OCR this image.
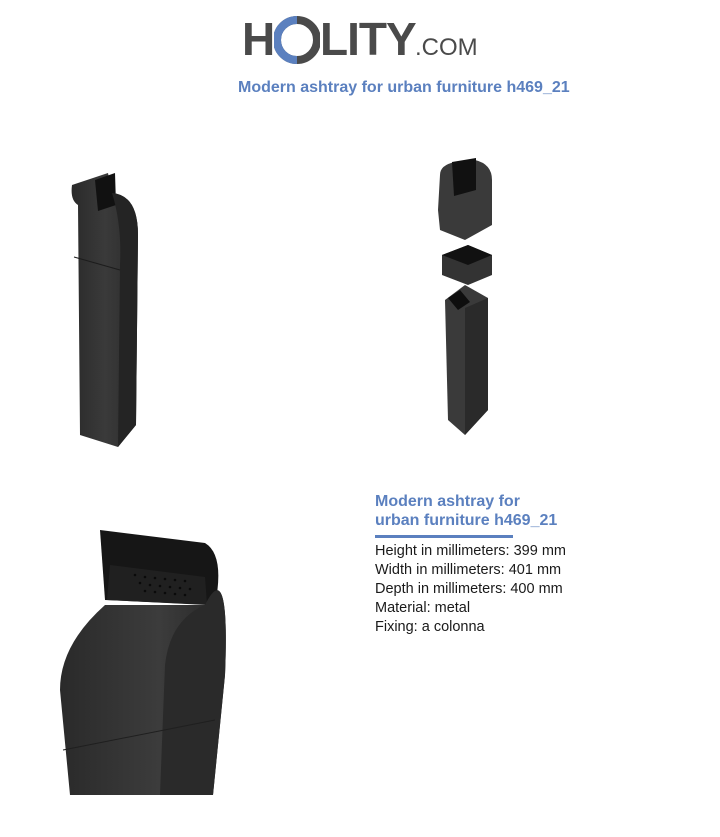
H LITY .COM
Modern ashtray for urban furniture h469_21
Modern ashtray for
urban furniture h469_21
Height in millimeters: 399 mm
Width in millimeters: 401 mm
Depth in millimeters: 400 mm
Material: metal
Fixing: a colonna
